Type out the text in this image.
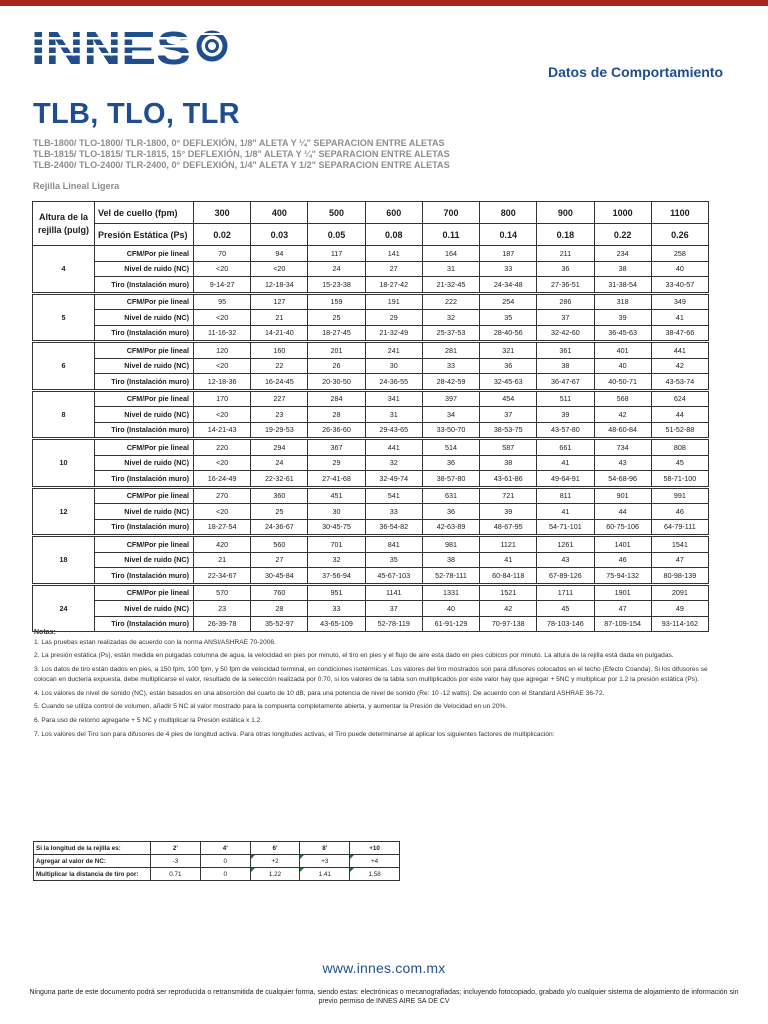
Datos de Comportamiento
TLB, TLO, TLR
TLB-1800/ TLO-1800/ TLR-1800, 0° DEFLEXIÓN, 1/8" ALETA Y ¼" SEPARACION ENTRE ALETAS
TLB-1815/ TLO-1815/ TLR-1815, 15° DEFLEXIÓN, 1/8" ALETA Y ¼" SEPARACION ENTRE ALETAS
TLB-2400/ TLO-2400/ TLR-2400, 0° DEFLEXIÓN, 1/4" ALETA Y 1/2" SEPARACION ENTRE ALETAS
Rejilla Lineal Ligera
Altura de la rejilla (pulg)	Vel de cuello (fpm)	300	400	500	600	700	800	900	1000	1100
	Presión Estática (Ps)	0.02	0.03	0.05	0.08	0.11	0.14	0.18	0.22	0.26
4	CFM/Por pie lineal	70	94	117	141	164	187	211	234	258
	Nivel de ruido (NC)	<20	<20	24	27	31	33	36	38	40
	Tiro (Instalación muro)	9-14-27	12-18-34	15-23-38	18-27-42	21-32-45	24-34-48	27-36-51	31-38-54	33-40-57

5	CFM/Por pie lineal	95	127	159	191	222	254	286	318	349
	Nivel de ruido (NC)	<20	21	25	29	32	35	37	39	41
	Tiro (Instalación muro)	11-16-32	14-21-40	18-27-45	21-32-49	25-37-53	28-40-56	32-42-60	36-45-63	38-47-66

6	CFM/Por pie lineal	120	160	201	241	281	321	361	401	441
	Nivel de ruido (NC)	<20	22	26	30	33	36	38	40	42
	Tiro (Instalación muro)	12-18-36	16-24-45	20-30-50	24-36-55	28-42-59	32-45-63	36-47-67	40-50-71	43-53-74

8	CFM/Por pie lineal	170	227	284	341	397	454	511	568	624
	Nivel de ruido (NC)	<20	23	28	31	34	37	39	42	44
	Tiro (Instalación muro)	14-21-43	19-29-53	26-36-60	29-43-65	33-50-70	38-53-75	43-57-80	48-60-84	51-52-88

10	CFM/Por pie lineal	220	294	367	441	514	587	661	734	808
	Nivel de ruido (NC)	<20	24	29	32	36	38	41	43	45
	Tiro (Instalación muro)	16-24-49	22-32-61	27-41-68	32-49-74	38-57-80	43-61-86	49-64-91	54-68-96	58-71-100

12	CFM/Por pie lineal	270	360	451	541	631	721	811	901	991
	Nivel de ruido (NC)	<20	25	30	33	36	39	41	44	46
	Tiro (Instalación muro)	18-27-54	24-36-67	30-45-75	36-54-82	42-63-89	48-67-95	54-71-101	60-75-106	64-79-111

18	CFM/Por pie lineal	420	560	701	841	981	1121	1261	1401	1541
	Nivel de ruido (NC)	21	27	32	35	38	41	43	46	47
	Tiro (Instalación muro)	22-34-67	30-45-84	37-56-94	45-67-103	52-78-111	60-84-118	67-89-126	75-94-132	80-98-139

24	CFM/Por pie lineal	570	760	951	1141	1331	1521	1711	1901	2091
	Nivel de ruido (NC)	23	28	33	37	40	42	45	47	49
	Tiro (Instalación muro)	26-39-78	35-52-97	43-65-109	52-78-119	61-91-129	70-97-138	78-103-146	87-109-154	93-114-162
Notas:

1. Las pruebas estan realizadas de acuerdo con la norma ANSI/ASHRAE 70-2006.

2. La presión estática (Ps), están medida en pulgadas columna de agua, la velocidad en pies por minuto, el tiro en pies y el flujo de aire esta dado en pies cúbicos por minuto. La altura de la rejilla está dada en pulgadas.

3. Los datos de tiro están dados en pies, a 150 fpm, 100 fpm, y 50 fpm de velocidad terminal, en condiciones isotérmicas. Los valores del tiro mostrados son para difusores colocados en el techo (Efecto Coanda). Si los difusores se colocan en ductería expuesta, debe multiplicarse el valor, resultado de la selección realizada por 0.70, si los valores de la tabla son multiplicados por este valor hay que agregar + 5NC y multiplicar por 1.2 la presión estática (Ps).

4. Los valores de nivel de sonido (NC), están basados en una absorción del cuarto de 10 dB, para una potencia de nivel de sonido (Re: 10 -12 watts). De acuerdo con el Standard ASHRAE 36-72.

5. Cuando se utiliza control de volumen, añadir 5 NC al valor mostrado para la compuerta completamente abierta, y aumentar la Presión de Velocidad en un 20%.

6. Para uso de retorno agregarle + 5 NC y multiplicar la Presión estática x 1.2.

7. Los valores del Tiro son para difusores de 4 pies de longitud activa. Para otras longitudes activas, el Tiro puede determinarse al aplicar los siguientes factores de multiplicación:

Si la longitud de la rejilla es:	2'	4'	6'	8'	+10
Agregar al valor de NC:	-3	0	+2	+3	+4
Multiplicar la distancia de tiro por:	0.71	0	1.22	1.41	1.58
www.innes.com.mx
Ninguna parte de este documento podrá ser reproducida o retransmitida de cualquier forma, siendo estas: electrónicas o mecanografiadas; incluyendo fotocopiado, grabado y/o cualquier sistema de alojamiento de información sin previo permiso de INNES AIRE SA DE CV
